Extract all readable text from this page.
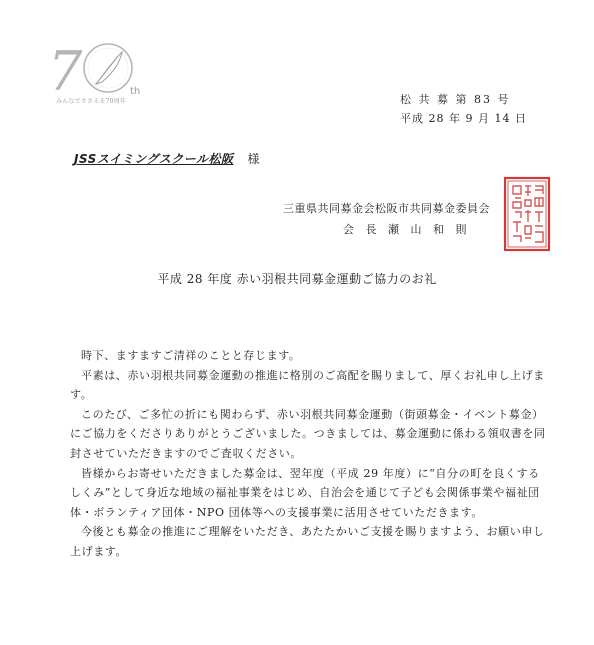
7	th
みんなでささえる70周年	松 共 募 第 83 号
平成 28 年 9 月 14 日
JSSスイミングスクール松阪 様
三重県共同募金会松阪市共同募金委員会
会 長 瀬 山 和 則
平成 28 年度 赤い羽根共同募金運動ご協力のお礼

時下、ますますご清祥のことと存じます。

平素は、赤い羽根共同募金運動の推進に格別のご高配を賜りまして、厚くお礼申し上げます。

このたび、ご多忙の折にも関わらず、赤い羽根共同募金運動（街頭募金・イベント募金）にご協力をくださりありがとうございました。つきましては、募金運動に係わる領収書を同封させていただきますのでご査収ください。

皆様からお寄せいただきました募金は、翌年度（平成 29 年度）に“自分の町を良くするしくみ”として身近な地域の福祉事業をはじめ、自治会を通じて子ども会関係事業や福祉団体・ボランティア団体・NPO 団体等への支援事業に活用させていただきます。

今後とも募金の推進にご理解をいただき、あたたかいご支援を賜りますよう、お願い申し上げます。
